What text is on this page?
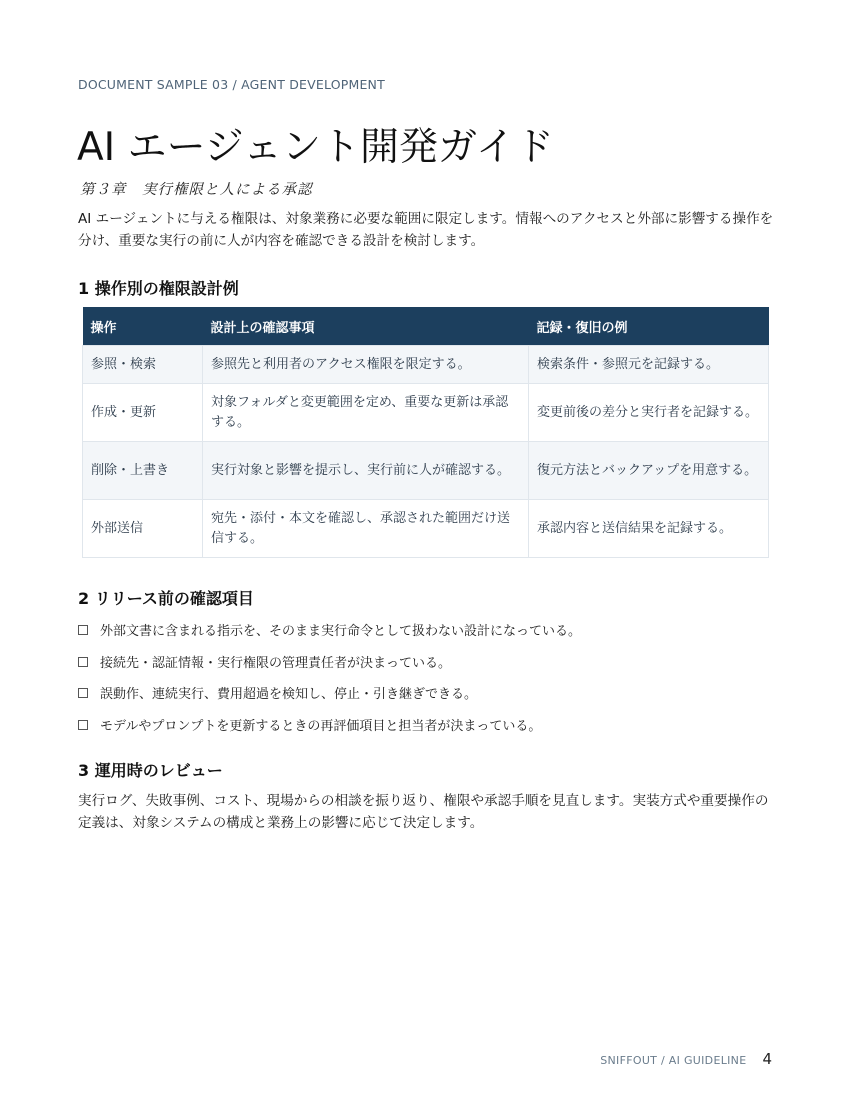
DOCUMENT SAMPLE 03 / AGENT DEVELOPMENT
AI エージェント開発ガイド
第３章　実行権限と人による承認

AI エージェントに与える権限は、対象業務に必要な範囲に限定します。情報へのアクセスと外部に影響する操作を分け、重要な実行の前に人が内容を確認できる設計を検討します。

1 操作別の権限設計例
操作	設計上の確認事項	記録・復旧の例
参照・検索	参照先と利用者のアクセス権限を限定する。	検索条件・参照元を記録する。
作成・更新	対象フォルダと変更範囲を定め、重要な更新は承認する。	変更前後の差分と実行者を記録する。
削除・上書き	実行対象と影響を提示し、実行前に人が確認する。	復元方法とバックアップを用意する。
外部送信	宛先・添付・本文を確認し、承認された範囲だけ送信する。	承認内容と送信結果を記録する。
2 リリース前の確認項目
外部文書に含まれる指示を、そのまま実行命令として扱わない設計になっている。
接続先・認証情報・実行権限の管理責任者が決まっている。
誤動作、連続実行、費用超過を検知し、停止・引き継ぎできる。
モデルやプロンプトを更新するときの再評価項目と担当者が決まっている。
3 運用時のレビュー

実行ログ、失敗事例、コスト、現場からの相談を振り返り、権限や承認手順を見直します。実装方式や重要操作の定義は、対象システムの構成と業務上の影響に応じて決定します。

SNIFFOUT / AI GUIDELINE 4
